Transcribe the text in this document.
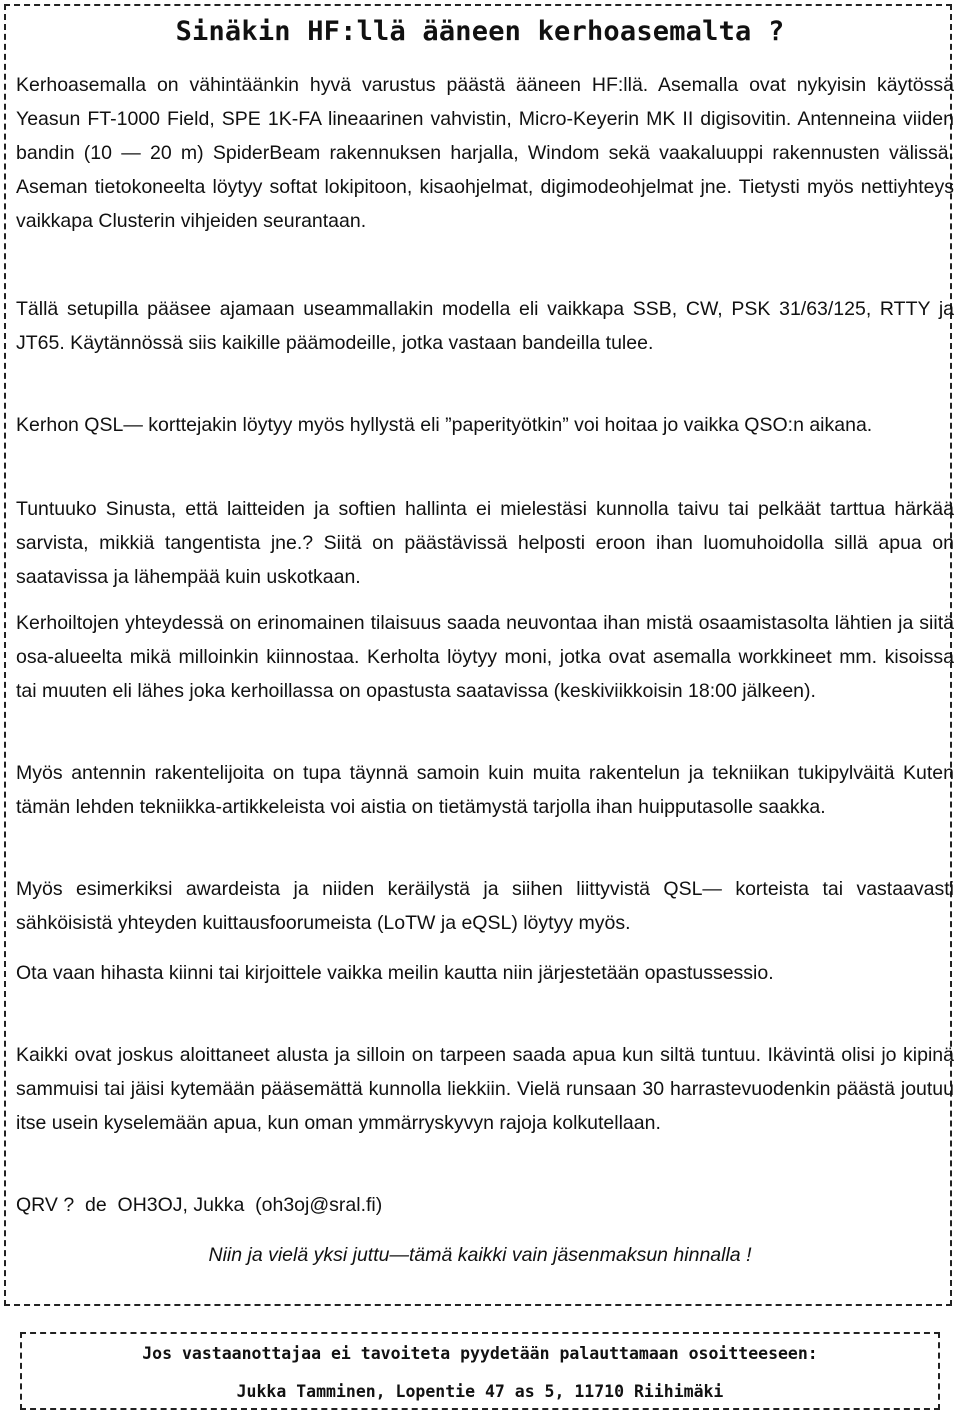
Sinäkin HF:llä ääneen kerhoasemalta ?

Kerhoasemalla on vähintäänkin hyvä varustus päästä ääneen HF:llä. Asemalla ovat nykyisin käytössä Yeasun FT-1000 Field, SPE 1K-FA lineaarinen vahvistin, Micro-Keyerin MK II digisovitin. Antenneina viiden bandin (10 — 20 m) SpiderBeam rakennuksen harjalla, Windom sekä vaakaluuppi rakennusten välissä. Aseman tietokoneelta löytyy softat lokipitoon, kisaohjelmat, digimodeohjelmat jne. Tietysti myös nettiyhteys vaikkapa Clusterin vihjeiden seurantaan.

Tällä setupilla pääsee ajamaan useammallakin modella eli vaikkapa SSB, CW, PSK 31/63/125, RTTY ja JT65. Käytännössä siis kaikille päämodeille, jotka vastaan bandeilla tulee.

Kerhon QSL— korttejakin löytyy myös hyllystä eli ”paperityötkin” voi hoitaa jo vaikka QSO:n aikana.

Tuntuuko Sinusta, että laitteiden ja softien hallinta ei mielestäsi kunnolla taivu tai pelkäät tarttua härkää sarvista, mikkiä tangentista jne.? Siitä on päästävissä helposti eroon ihan luomuhoidolla sillä apua on saatavissa ja lähempää kuin uskotkaan.

Kerhoiltojen yhteydessä on erinomainen tilaisuus saada neuvontaa ihan mistä osaamistasolta lähtien ja siitä osa-alueelta mikä milloinkin kiinnostaa. Kerholta löytyy moni, jotka ovat asemalla workkineet mm. kisoissa tai muuten eli lähes joka kerhoillassa on opastusta saatavissa (keskiviikkoisin 18:00 jälkeen).

Myös antennin rakentelijoita on tupa täynnä samoin kuin muita rakentelun ja tekniikan tukipylväitä Kuten tämän lehden tekniikka-artikkeleista voi aistia on tietämystä tarjolla ihan huipputasolle saakka.

Myös esimerkiksi awardeista ja niiden keräilystä ja siihen liittyvistä QSL— korteista tai vastaavasti sähköisistä yhteyden kuittausfoorumeista (LoTW ja eQSL) löytyy myös.

Ota vaan hihasta kiinni tai kirjoittele vaikka meilin kautta niin järjestetään opastussessio.

Kaikki ovat joskus aloittaneet alusta ja silloin on tarpeen saada apua kun siltä tuntuu. Ikävintä olisi jo kipinä sammuisi tai jäisi kytemään pääsemättä kunnolla liekkiin. Vielä runsaan 30 harrastevuodenkin päästä joutuu itse usein kyselemään apua, kun oman ymmärryskyvyn rajoja kolkutellaan.

QRV ?  de  OH3OJ, Jukka  (oh3oj@sral.fi)

Niin ja vielä yksi juttu—tämä kaikki vain jäsenmaksun hinnalla !

Jos vastaanottajaa ei tavoiteta pyydetään palauttamaan osoitteeseen:

Jukka Tamminen, Lopentie 47 as 5, 11710 Riihimäki
